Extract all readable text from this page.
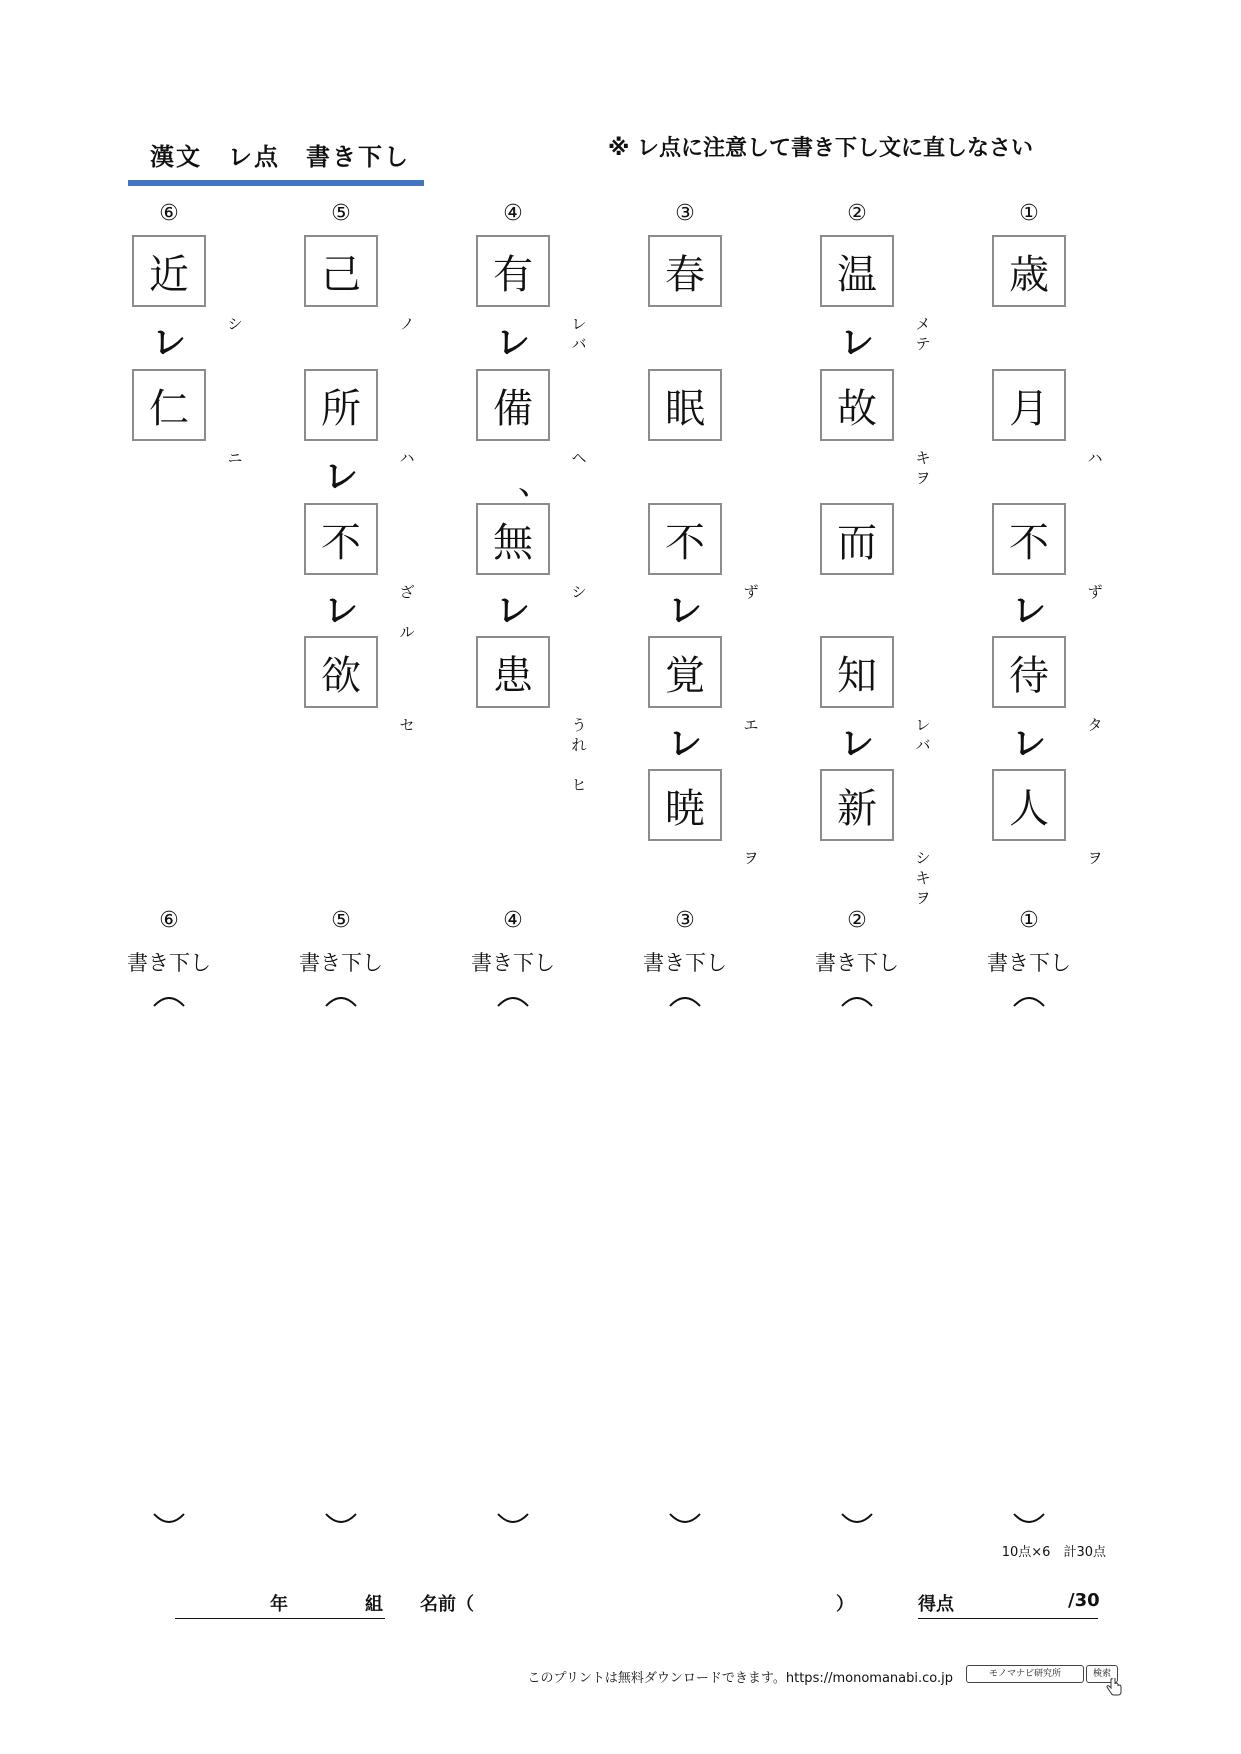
漢文　レ点　書き下し	※ レ点に注意して書き下し文に直しなさい
①
歳
月
ハ
不
レ	ず
待
レ	タ
人
ヲ
②
温
レ	メ
テ
故
キ
ヲ
而
知
レ	レ
バ
新
シ
キ
ヲ
③
春
眠
不
レ	ず
覚
レ	エ
暁
ヲ
④
有
レ	レ
バ
備
、
ヘ
無
レ	シ
患
う
れ

ヒ
⑤
己
ノ
所
レ	ハ
不
レ	ざ

ル
欲
セ
⑥
近
レ	シ
仁
ニ
①
書き下し
②
書き下し
③
書き下し
④
書き下し
⑤
書き下し
⑥
書き下し
10点×6　計30点
年	組 名前（	）	得点	/30
このプリントは無料ダウンロードできます。https://monomanabi.co.jp	モノマナビ研究所	検索
